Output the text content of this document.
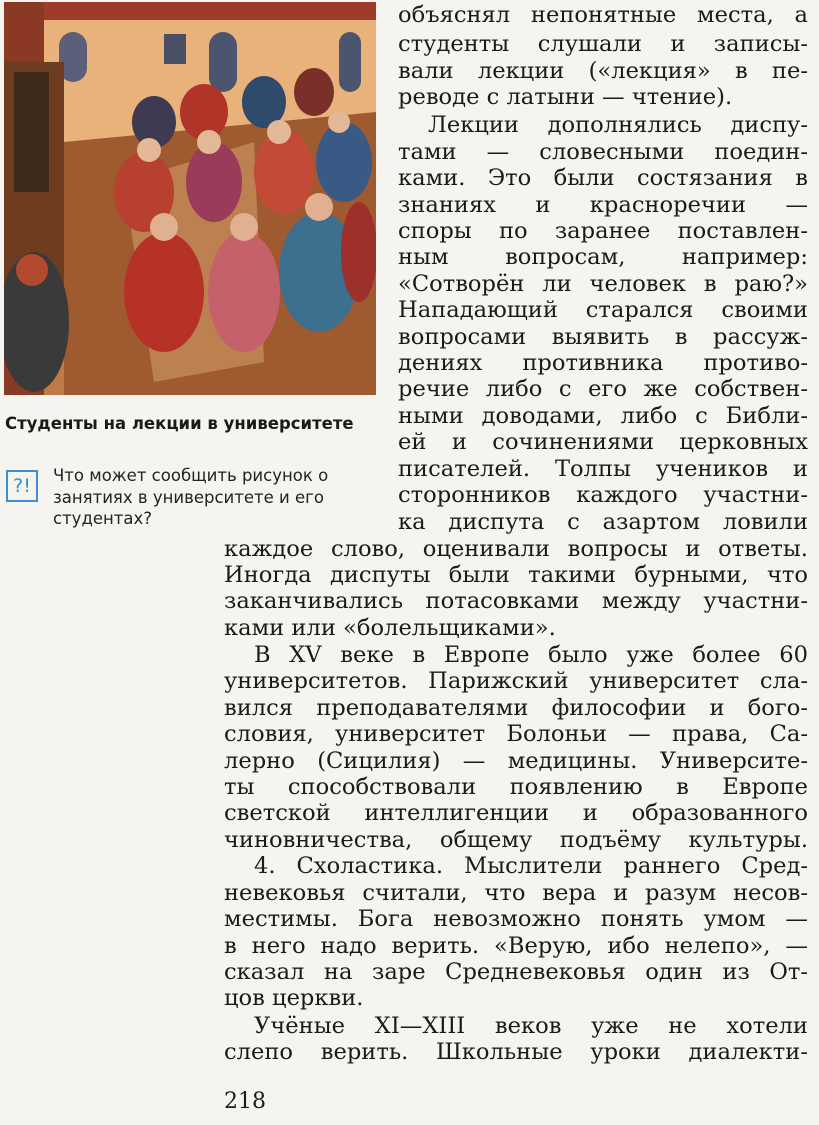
Студенты на лекции в университете
?!	Что может сообщить рисунок о занятиях в университете и его студентах?
объяснял непонятные места, а
студенты слушали и записы-
вали лекции («лекция» в пе-
реводе с латыни — чтение).
Лекции дополнялись диспу-
тами — словесными поедин-
ками. Это были состязания в
знаниях и красноречии —
споры по заранее поставлен-
ным вопросам, например:
«Сотворён ли человек в раю?»
Нападающий старался своими
вопросами выявить в рассуж-
дениях противника противо-
речие либо с его же собствен-
ными доводами, либо с Библи-
ей и сочинениями церковных
писателей. Толпы учеников и
сторонников каждого участни-
ка диспута с азартом ловили
каждое слово, оценивали вопросы и ответы.
Иногда диспуты были такими бурными, что
заканчивались потасовками между участни-
ками или «болельщиками».
В XV веке в Европе было уже более 60
университетов. Парижский университет сла-
вился преподавателями философии и бого-
словия, университет Болоньи — права, Са-
лерно (Сицилия) — медицины. Университе-
ты способствовали появлению в Европе
светской интеллигенции и образованного
чиновничества, общему подъёму культуры.
4. Схоластика. Мыслители раннего Сред-
невековья считали, что вера и разум несов-
местимы. Бога невозможно понять умом —
в него надо верить. «Верую, ибо нелепо», —
сказал на заре Средневековья один из От-
цов церкви.
Учёные XI—XIII веков уже не хотели
слепо верить. Школьные уроки диалекти-
218
